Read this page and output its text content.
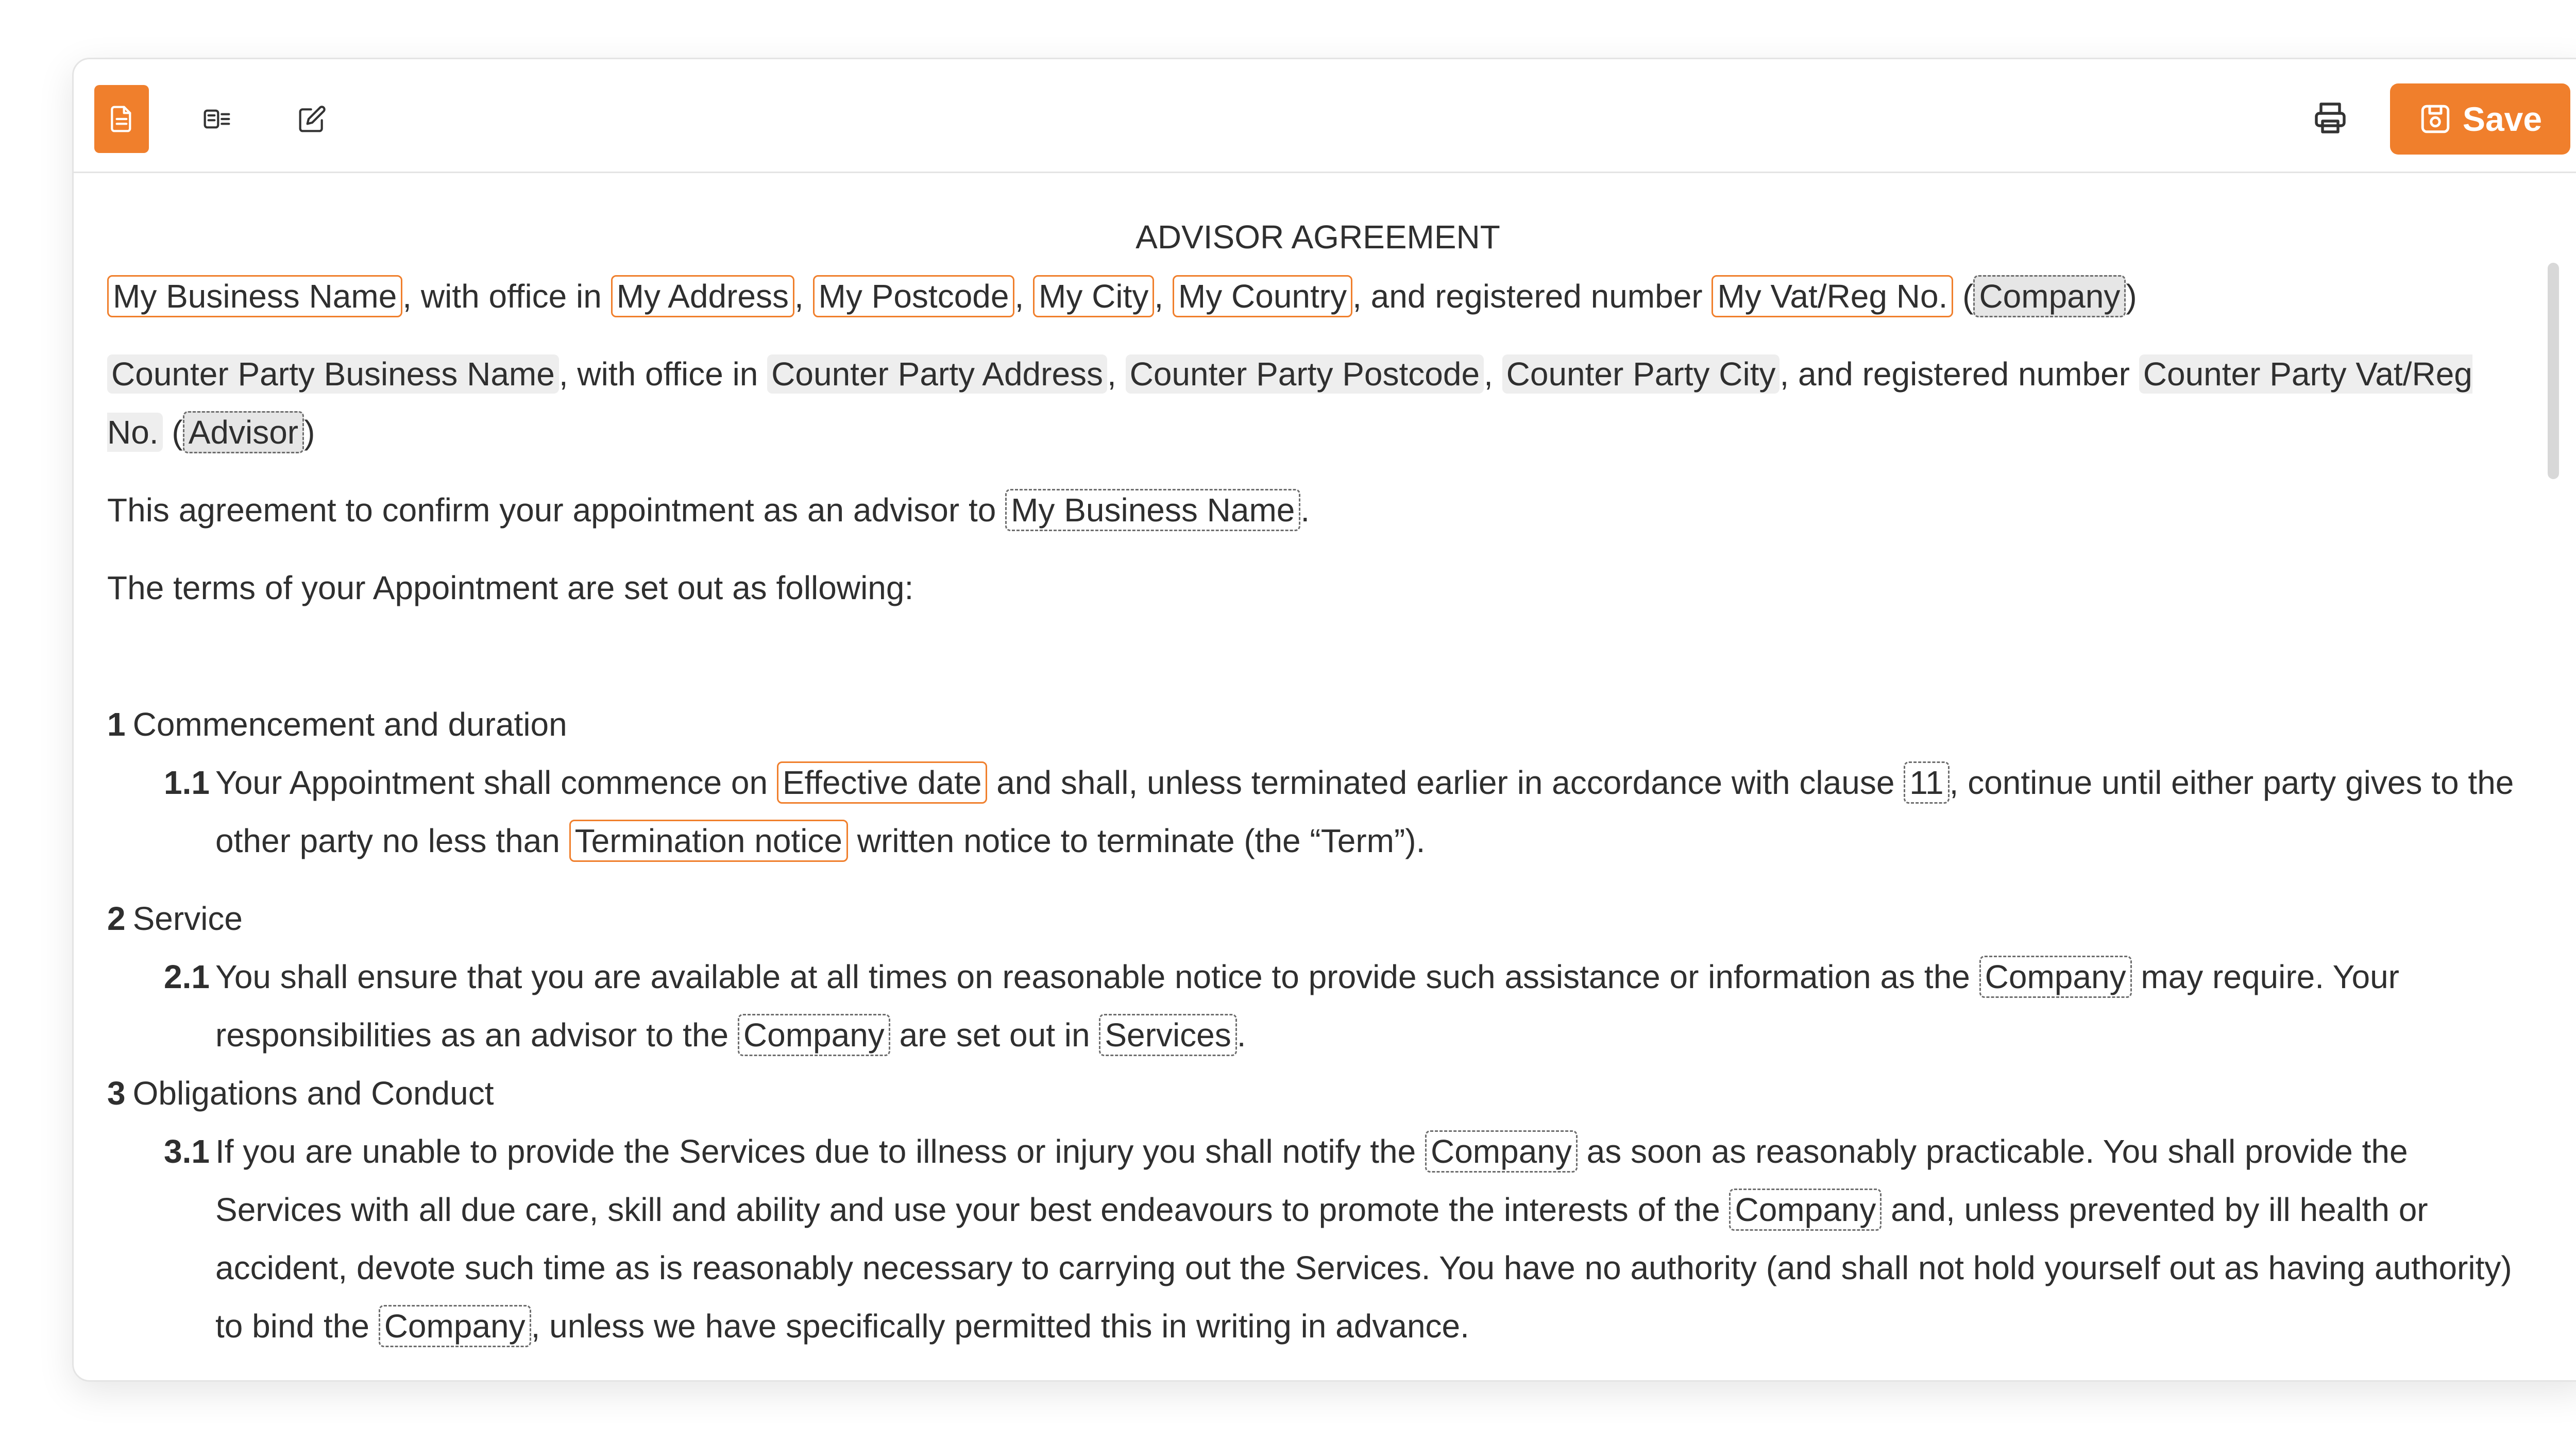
Save
ADVISOR AGREEMENT

My Business Name , with office in My Address , My Postcode , My City , My Country , and registered number My Vat/Reg No. ( Company )

Counter Party Business Name , with office in Counter Party Address , Counter Party Postcode , Counter Party City , and registered number Counter Party Vat/Reg No. ( Advisor )

This agreement to confirm your appointment as an advisor to My Business Name .

The terms of your Appointment are set out as following:

1 Commencement and duration

1.1 Your Appointment shall commence on Effective date and shall, unless terminated earlier in accordance with clause 11 , continue until either party gives to the other party no less than Termination notice written notice to terminate (the “Term”).

2 Service

2.1 You shall ensure that you are available at all times on reasonable notice to provide such assistance or information as the Company may require. Your responsibilities as an advisor to the Company are set out in Services .

3 Obligations and Conduct

3.1 If you are unable to provide the Services due to illness or injury you shall notify the Company as soon as reasonably practicable. You shall provide the Services with all due care, skill and ability and use your best endeavours to promote the interests of the Company and, unless prevented by ill health or accident, devote such time as is reasonably necessary to carrying out the Services. You have no authority (and shall not hold yourself out as having authority) to bind the Company , unless we have specifically permitted this in writing in advance.
